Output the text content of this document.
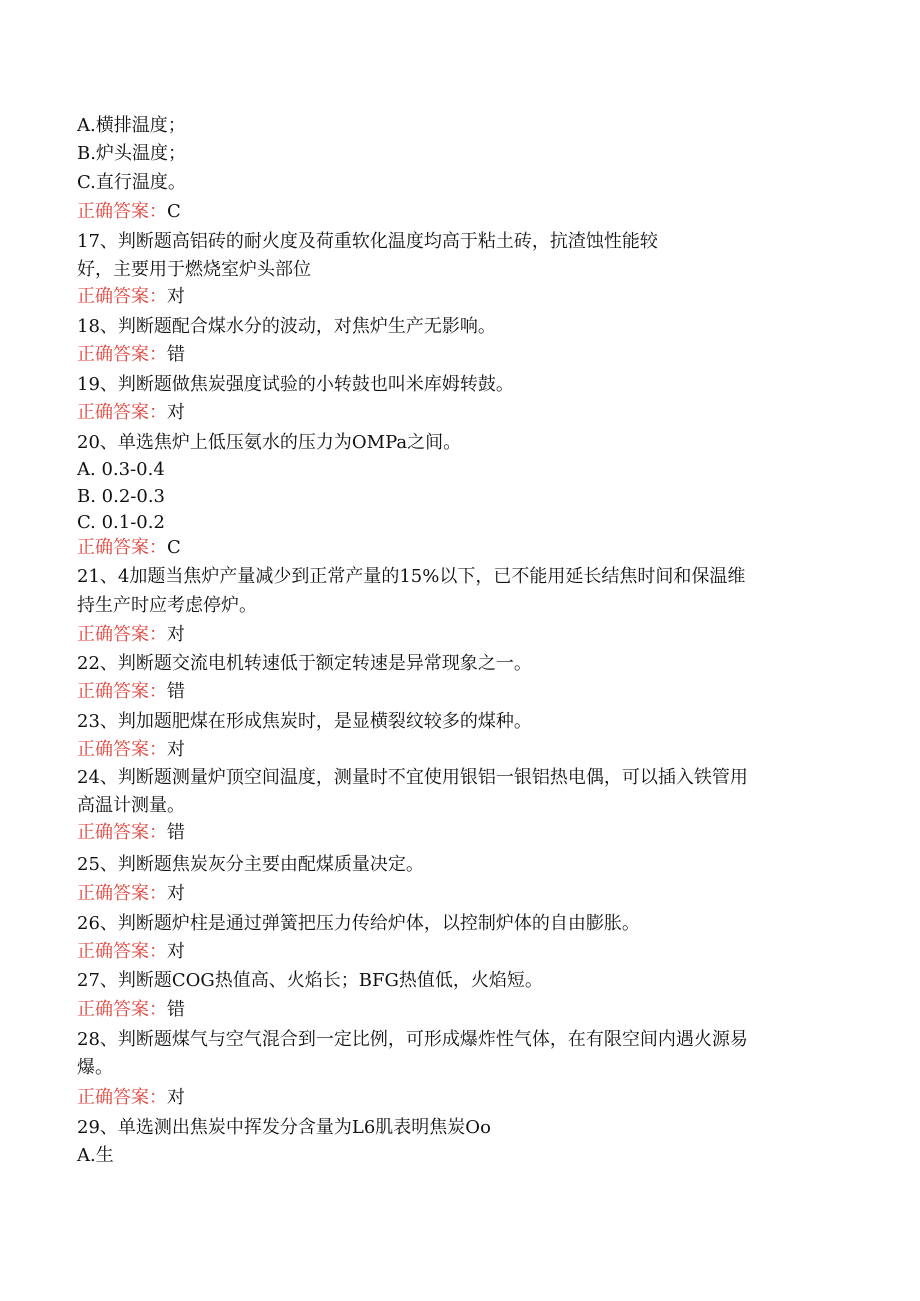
A.横排温度；
B.炉头温度；
C.直行温度。
正确答案：C
17、判断题高铝砖的耐火度及荷重软化温度均高于粘土砖，抗渣蚀性能较
好，主要用于燃烧室炉头部位
正确答案：对
18、判断题配合煤水分的波动，对焦炉生产无影响。
正确答案：错
19、判断题做焦炭强度试验的小转鼓也叫米库姆转鼓。
正确答案：对
20、单选焦炉上低压氨水的压力为OMPa之间。
A. 0.3-0.4
B. 0.2-0.3
C. 0.1-0.2
正确答案：C
21、4加题当焦炉产量减少到正常产量的15%以下，已不能用延长结焦时间和保温维
持生产时应考虑停炉。
正确答案：对
22、判断题交流电机转速低于额定转速是异常现象之一。
正确答案：错
23、判加题肥煤在形成焦炭时，是显横裂纹较多的煤种。
正确答案：对
24、判断题测量炉顶空间温度，测量时不宜使用银铝一银铝热电偶，可以插入铁管用
高温计测量。
正确答案：错
25、判断题焦炭灰分主要由配煤质量决定。
正确答案：对
26、判断题炉柱是通过弹簧把压力传给炉体，以控制炉体的自由膨胀。
正确答案：对
27、判断题COG热值高、火焰长；BFG热值低，火焰短。
正确答案：错
28、判断题煤气与空气混合到一定比例，可形成爆炸性气体，在有限空间内遇火源易
爆。
正确答案：对
29、单选测出焦炭中挥发分含量为L6肌表明焦炭Oo
A.生
